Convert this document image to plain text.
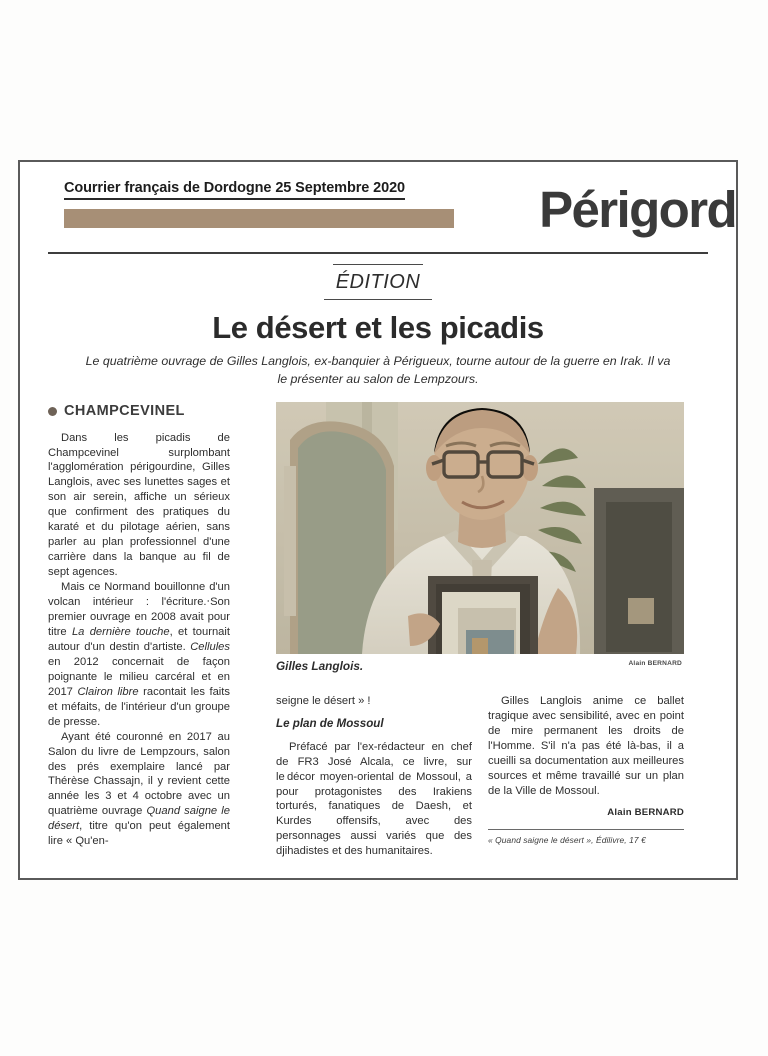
Courrier français de Dordogne 25 Septembre 2020	Périgord
ÉDITION
Le désert et les picadis
Le quatrième ouvrage de Gilles Langlois, ex-banquier à Périgueux, tourne autour de la guerre en Irak. Il va le présenter au salon de Lempzours.
Gilles Langlois.	Alain BERNARD
CHAMPCEVINEL

Dans les picadis de Champcevinel surplombant l'agglomération périgourdine, Gilles Langlois, avec ses lunettes sages et son air serein, affiche un sérieux que confirment des pratiques du karaté et du pilotage aérien, sans parler au plan professionnel d'une carrière dans la banque au fil de sept agences.

Mais ce Normand bouillonne d'un volcan intérieur : l'écriture.‧Son premier ouvrage en 2008 avait pour titre La dernière touche, et tournait autour d'un destin d'artiste. Cellules en 2012 concernait de façon poignante le milieu carcéral et en 2017 Clairon libre racontait les faits et méfaits, de l'intérieur d'un groupe de presse.

Ayant été couronné en 2017 au Salon du livre de Lempzours, salon des prés exemplaire lancé par Thérèse Chassajn, il y revient cette année les 3 et 4 octobre avec un quatrième ouvrage Quand saigne le désert, titre qu'on peut également lire « Qu'en-

seigne le désert » !

Le plan de Mossoul

Préfacé par l'ex-rédacteur en chef de FR3 José Alcala, ce livre, sur le décor moyen-oriental de Mossoul, a pour protagonistes des Irakiens torturés, fanatiques de Daesh, et Kurdes offensifs, avec des personnages aussi variés que des djihadistes et des humanitaires.

Gilles Langlois anime ce ballet tragique avec sensibilité, avec en point de mire permanent les droits de l'Homme. S'il n'a pas été là-bas, il a cueilli sa documentation aux meilleures sources et même travaillé sur un plan de la Ville de Mossoul.

Alain BERNARD
« Quand saigne le désert », Édilivre, 17 €
